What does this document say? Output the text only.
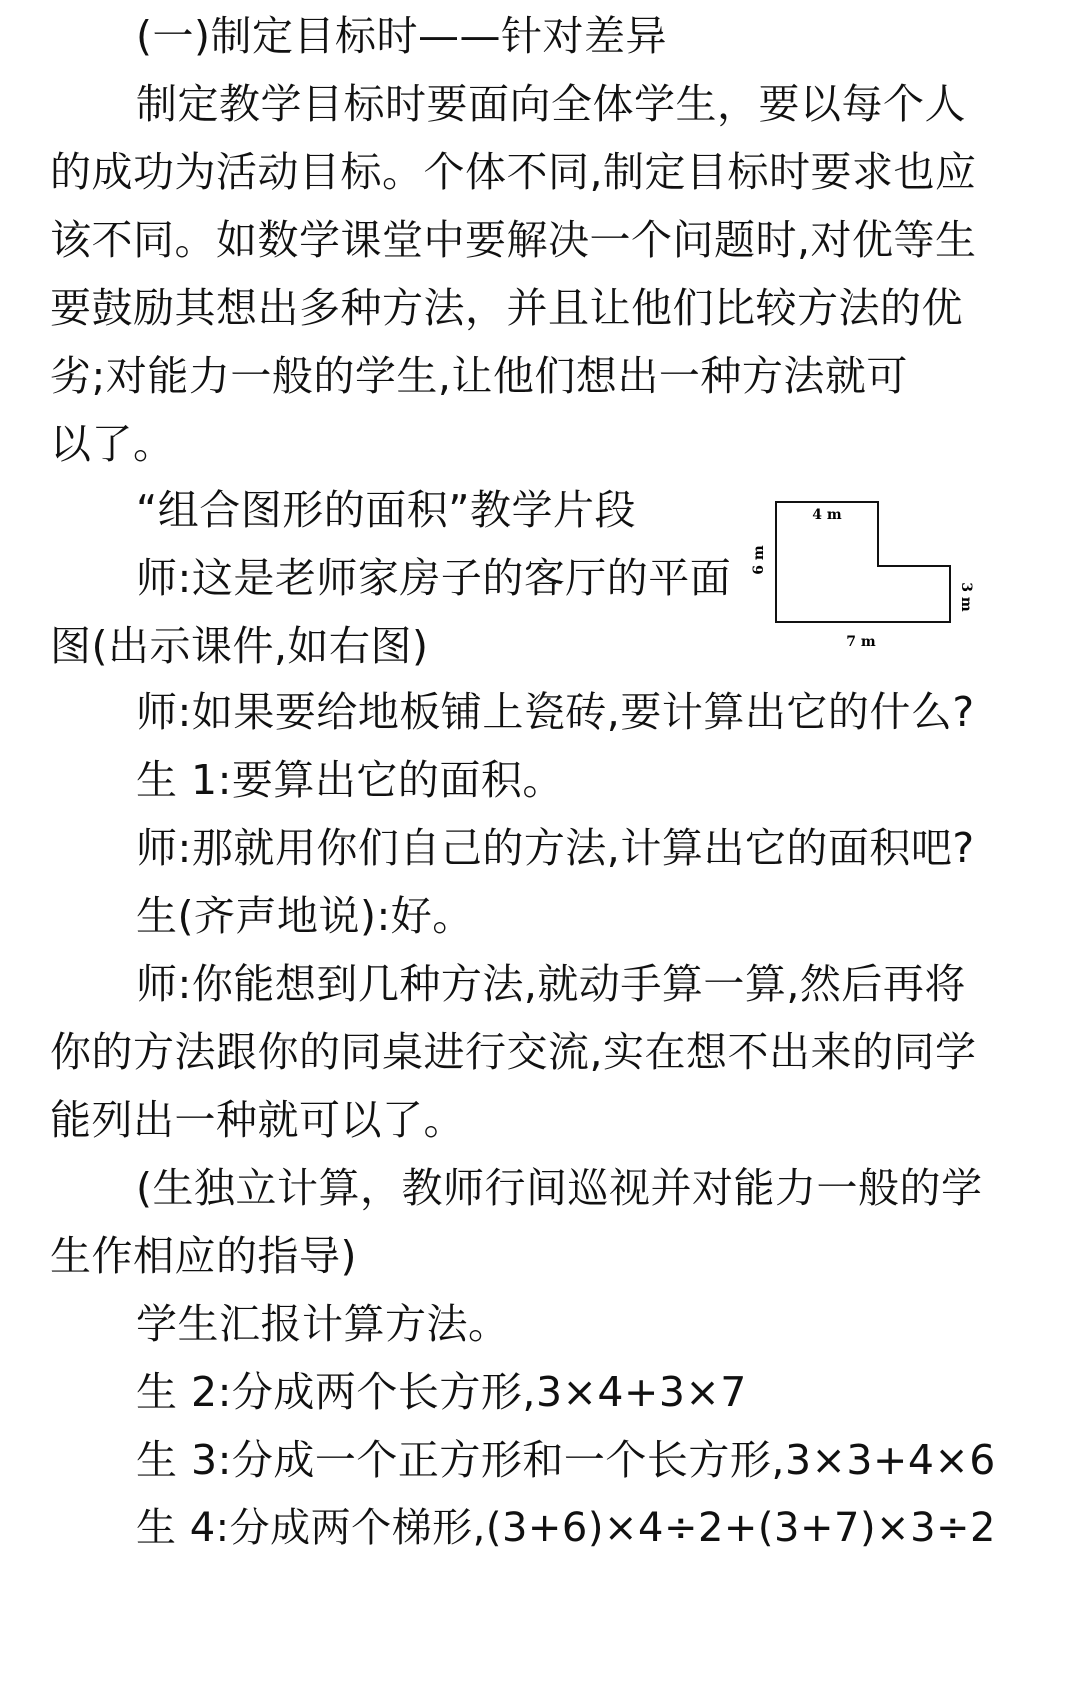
(一)制定目标时——针对差异
制定教学目标时要面向全体学生，要以每个人
的成功为活动目标。个体不同,制定目标时要求也应
该不同。如数学课堂中要解决一个问题时,对优等生
要鼓励其想出多种方法，并且让他们比较方法的优
劣;对能力一般的学生,让他们想出一种方法就可
以了。
“组合图形的面积”教学片段
师:这是老师家房子的客厅的平面
图(出示课件,如右图)
4 m
6 m
3 m
7 m
师:如果要给地板铺上瓷砖,要计算出它的什么?
生 1:要算出它的面积。
师:那就用你们自己的方法,计算出它的面积吧?
生(齐声地说):好。
师:你能想到几种方法,就动手算一算,然后再将
你的方法跟你的同桌进行交流,实在想不出来的同学
能列出一种就可以了。
(生独立计算，教师行间巡视并对能力一般的学
生作相应的指导)
学生汇报计算方法。
生 2:分成两个长方形,3×4+3×7
生 3:分成一个正方形和一个长方形,3×3+4×6
生 4:分成两个梯形,(3+6)×4÷2+(3+7)×3÷2
